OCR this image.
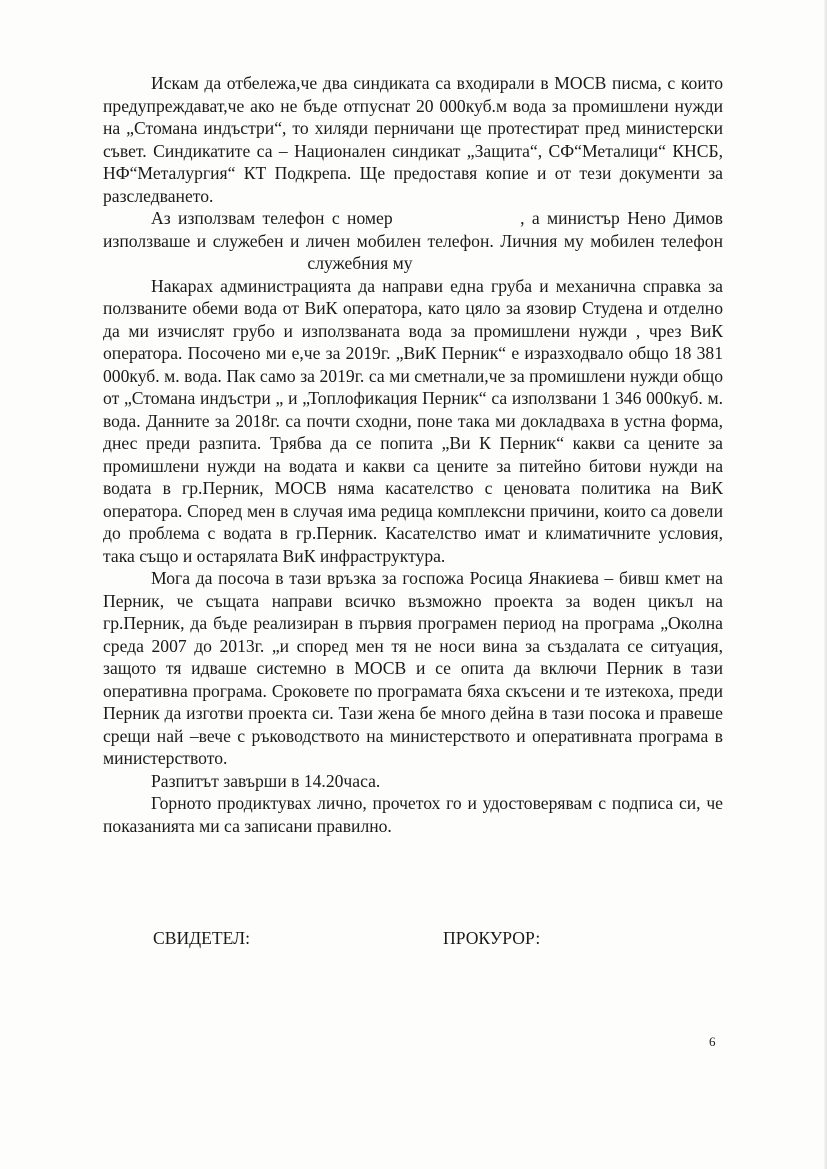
Искам да отбележа,че два синдиката са входирали в МОСВ писма, с които предупреждават,че ако не бъде отпуснат 20 000куб.м вода за промишлени нужди на „Стомана индъстри“, то хиляди перничани ще протестират пред министерски съвет. Синдикатите са – Национален синдикат „Защита“, СФ“Металици“ КНСБ, НФ“Металургия“ КТ Подкрепа. Ще предоставя копие и от тези документи за разследването.

Аз използвам телефон с номер	, а министър Нено Димов използваше и служебен и личен мобилен телефон. Личния му мобилен телефон  служебния му

Накарах администрацията да направи една груба и механична справка за ползваните обеми вода от ВиК оператора, като цяло за язовир Студена и отделно да ми изчислят грубо и използваната вода за промишлени нужди , чрез ВиК оператора. Посочено ми е,че за 2019г. „ВиК Перник“ е изразходвало общо 18 381 000куб. м. вода. Пак само за 2019г. са ми сметнали,че за промишлени нужди общо от „Стомана индъстри „ и „Топлофикация Перник“ са използвани 1 346 000куб. м. вода. Данните за 2018г. са почти сходни, поне така ми докладваха в устна форма, днес преди разпита. Трябва да се попита „Ви К Перник“ какви са цените за промишлени нужди на водата и какви са цените за питейно битови нужди на водата в гр.Перник, МОСВ няма касателство с ценовата политика на ВиК оператора. Според мен в случая има редица комплексни причини, които са довели до проблема с водата в гр.Перник. Касателство имат и климатичните условия, така също и остарялата ВиК инфраструктура.

Мога да посоча в тази връзка за госпожа Росица Янакиева – бивш кмет на Перник, че същата направи всичко възможно проекта за воден цикъл на гр.Перник, да бъде реализиран в първия програмен период на програма „Околна среда 2007 до 2013г. „и според мен тя не носи вина за създалата се ситуация, защото тя идваше системно в МОСВ и се опита да включи Перник в тази оперативна програма. Сроковете по програмата бяха скъсени и те изтекоха, преди Перник да изготви проекта си. Тази жена бе много дейна в тази посока и правеше срещи най –вече с ръководството на министерството и оперативната програма в министерството.

Разпитът завърши в 14.20часа.

Горното продиктувах лично, прочетох го и удостоверявам с подписа си, че показанията ми са записани правилно.

СВИДЕТЕЛ:	ПРОКУРОР:
6
